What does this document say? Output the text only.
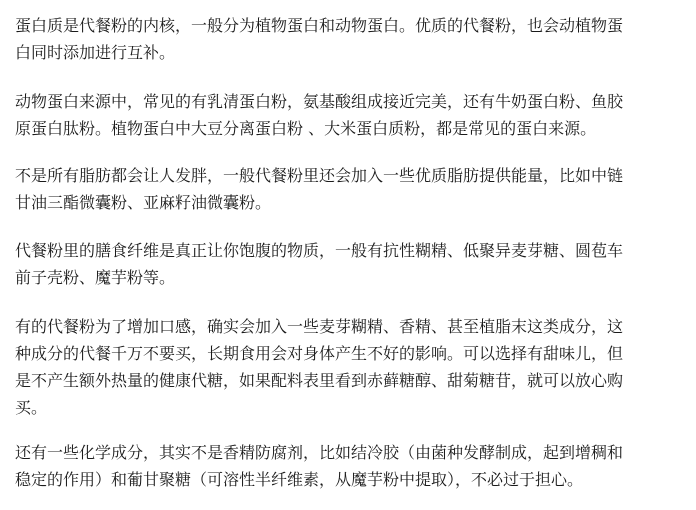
蛋白质是代餐粉的内核，一般分为植物蛋白和动物蛋白。优质的代餐粉，也会动植物蛋
白同时添加进行互补。
动物蛋白来源中，常见的有乳清蛋白粉，氨基酸组成接近完美，还有牛奶蛋白粉、鱼胶
原蛋白肽粉。植物蛋白中大豆分离蛋白粉 、大米蛋白质粉，都是常见的蛋白来源。
不是所有脂肪都会让人发胖，一般代餐粉里还会加入一些优质脂肪提供能量，比如中链
甘油三酯微囊粉、亚麻籽油微囊粉。
代餐粉里的膳食纤维是真正让你饱腹的物质，一般有抗性糊精、低聚异麦芽糖、圆苞车
前子壳粉、魔芋粉等。
有的代餐粉为了增加口感，确实会加入一些麦芽糊精、香精、甚至植脂末这类成分，这
种成分的代餐千万不要买，长期食用会对身体产生不好的影响。可以选择有甜味儿，但
是不产生额外热量的健康代糖，如果配料表里看到赤藓糖醇、甜菊糖苷，就可以放心购
买。
还有一些化学成分，其实不是香精防腐剂，比如结冷胶（由菌种发酵制成，起到增稠和
稳定的作用）和葡甘聚糖（可溶性半纤维素，从魔芋粉中提取），不必过于担心。
